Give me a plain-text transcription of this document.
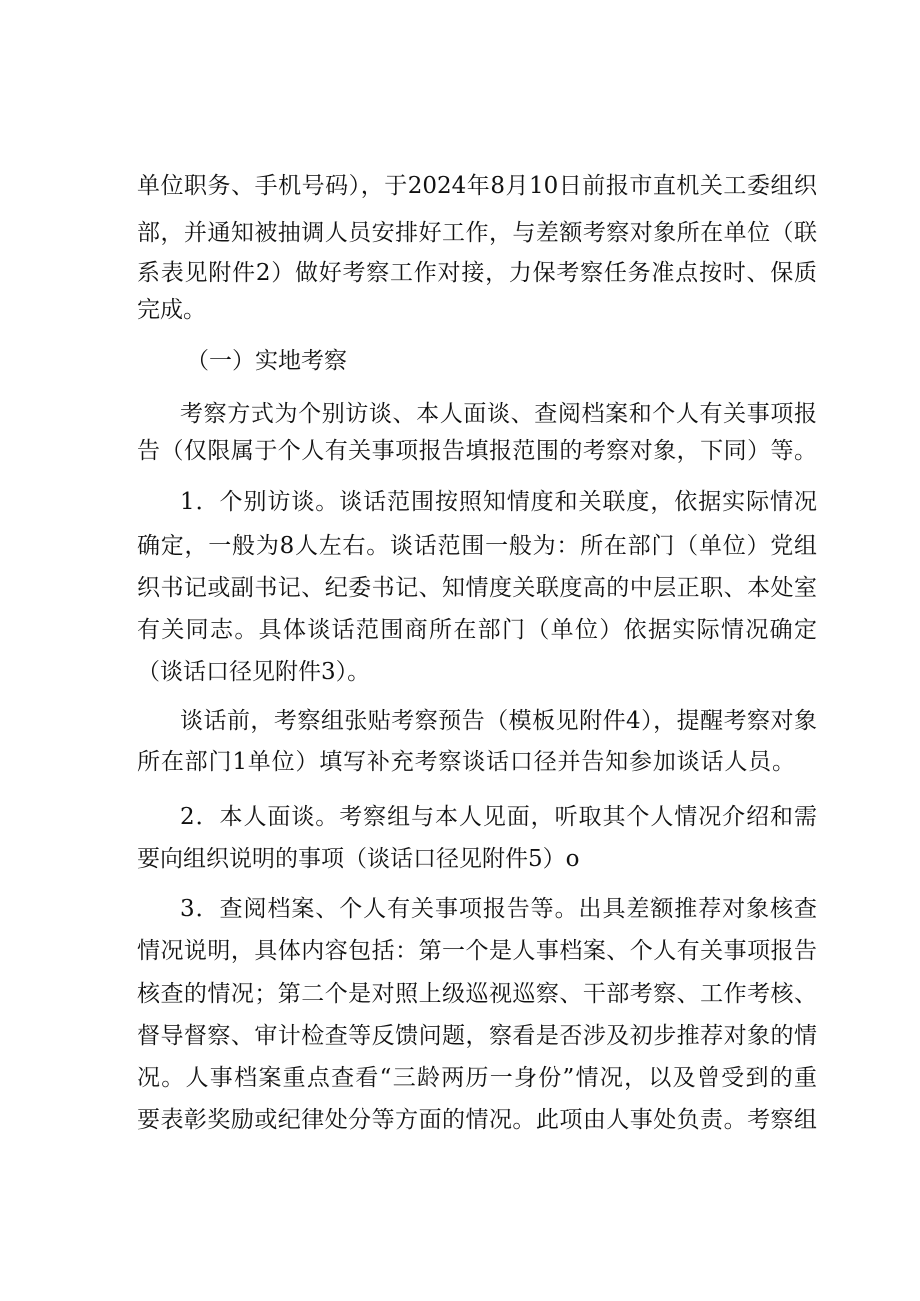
单位职务、手机号码），于2024年8月10日前报市直机关工委组织
部，并通知被抽调人员安排好工作，与差额考察对象所在单位（联
系表见附件2）做好考察工作对接，力保考察任务准点按时、保质
完成。
（一）实地考察
考察方式为个别访谈、本人面谈、查阅档案和个人有关事项报
告（仅限属于个人有关事项报告填报范围的考察对象，下同）等。
1．个别访谈。谈话范围按照知情度和关联度，依据实际情况
确定，一般为8人左右。谈话范围一般为：所在部门（单位）党组
织书记或副书记、纪委书记、知情度关联度高的中层正职、本处室
有关同志。具体谈话范围商所在部门（单位）依据实际情况确定
（谈话口径见附件3）。
谈话前，考察组张贴考察预告（模板见附件4），提醒考察对象
所在部门1单位）填写补充考察谈话口径并告知参加谈话人员。
2．本人面谈。考察组与本人见面，听取其个人情况介绍和需
要向组织说明的事项（谈话口径见附件5）o
3．查阅档案、个人有关事项报告等。出具差额推荐对象核查
情况说明，具体内容包括：第一个是人事档案、个人有关事项报告
核查的情况；第二个是对照上级巡视巡察、干部考察、工作考核、
督导督察、审计检查等反馈问题，察看是否涉及初步推荐对象的情
况。人事档案重点查看“三龄两历一身份”情况，以及曾受到的重
要表彰奖励或纪律处分等方面的情况。此项由人事处负责。考察组
